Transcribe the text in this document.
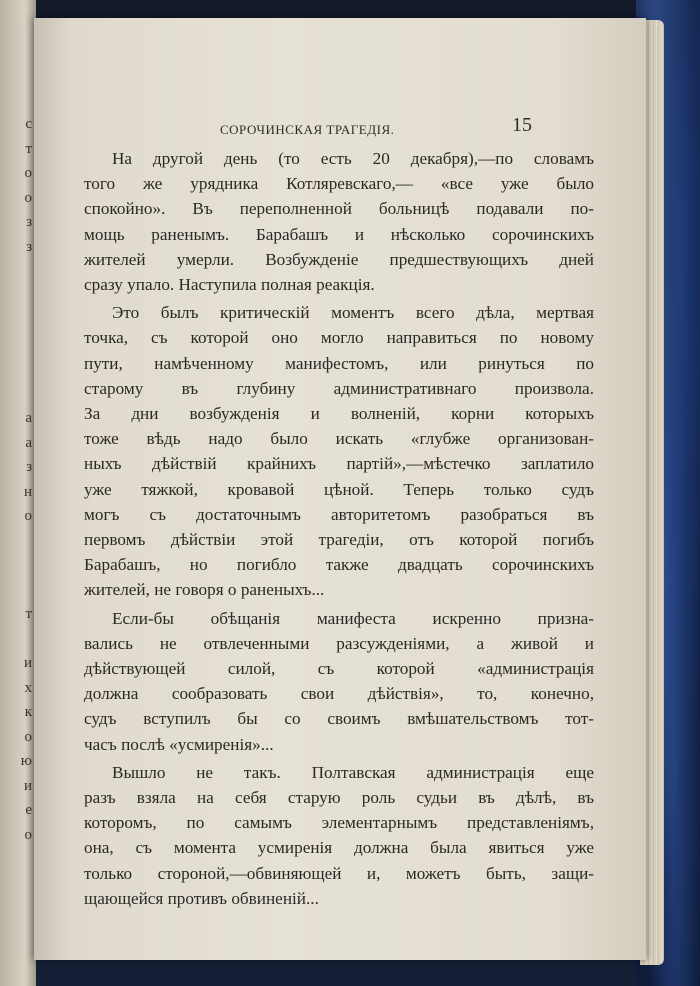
с
т
о
о
з
з
а
а
з
н
о
т
и
х
к
о
ю
и
е
о
СОРОЧИНСКАЯ ТРАГЕДІЯ.	15

На другой день (то есть 20 декабря),—по словамъ
того же урядника Котляревскаго,— «все уже было
спокойно». Въ переполненной больницѣ подавали по-
мощь раненымъ. Барабашъ и нѣсколько сорочинскихъ
жителей умерли. Возбужденіе предшествующихъ дней
сразу упало. Наступила полная реакція.

Это былъ критическій моментъ всего дѣла, мертвая
точка, съ которой оно могло направиться по новому
пути, намѣченному манифестомъ, или ринуться по
старому въ глубину административнаго произвола.
За дни возбужденія и волненій, корни которыхъ
тоже вѣдь надо было искать «глубже организован-
ныхъ дѣйствій крайнихъ партій»,—мѣстечко заплатило
уже тяжкой, кровавой цѣной. Теперь только судъ
могъ съ достаточнымъ авторитетомъ разобраться въ
первомъ дѣйствіи этой трагедіи, отъ которой погибъ
Барабашъ, но погибло также двадцать сорочинскихъ
жителей, не говоря о раненыхъ...

Если-бы обѣщанія манифеста искренно призна-
вались не отвлеченными разсужденіями, а живой и
дѣйствующей силой, съ которой «администрація
должна сообразовать свои дѣйствія», то, конечно,
судъ вступилъ бы со своимъ вмѣшательствомъ тот-
часъ послѣ «усмиренія»...

Вышло не такъ. Полтавская администрація еще
разъ взяла на себя старую роль судьи въ дѣлѣ, въ
которомъ, по самымъ элементарнымъ представленіямъ,
она, съ момента усмиренія должна была явиться уже
только стороной,—обвиняющей и, можетъ быть, защи-
щающейся противъ обвиненій...
